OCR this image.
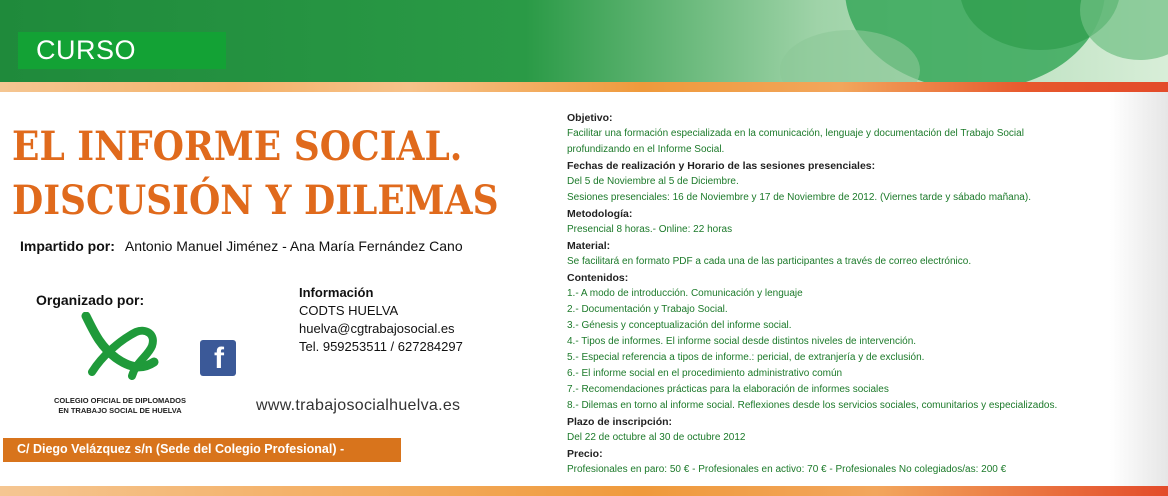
CURSO
EL INFORME SOCIAL.
DISCUSIÓN Y DILEMAS
Impartido por: Antonio Manuel Jiménez - Ana María Fernández Cano
Organizado por:
COLEGIO OFICIAL DE DIPLOMADOS
EN TRABAJO SOCIAL DE HUELVA
f
Información
CODTS HUELVA
huelva@cgtrabajosocial.es
Tel. 959253511 / 627284297
www.trabajosocialhuelva.es
C/ Diego Velázquez s/n (Sede del Colegio Profesional) -
Objetivo:
Facilitar una formación especializada en la comunicación, lenguaje y documentación del Trabajo Social
profundizando en el Informe Social.
Fechas de realización y Horario de las sesiones presenciales:
Del 5 de Noviembre al 5 de Diciembre.
Sesiones presenciales: 16 de Noviembre y 17 de Noviembre de 2012. (Viernes tarde y sábado mañana).
Metodología:
Presencial 8 horas.- Online: 22 horas
Material:
Se facilitará en formato PDF a cada una de las participantes a través de correo electrónico.
Contenidos:
1.- A modo de introducción. Comunicación y lenguaje
2.- Documentación y Trabajo Social.
3.- Génesis y conceptualización del informe social.
4.- Tipos de informes. El informe social desde distintos niveles de intervención.
5.- Especial referencia a tipos de informe.: pericial, de extranjería y de exclusión.
6.- El informe social en el procedimiento administrativo común
7.- Recomendaciones prácticas para la elaboración de informes sociales
8.- Dilemas en torno al informe social. Reflexiones desde los servicios sociales, comunitarios y especializados.
Plazo de inscripción:
Del 22 de octubre al 30 de octubre 2012
Precio:
Profesionales en paro: 50 € - Profesionales en activo: 70 € - Profesionales No colegiados/as: 200 €
